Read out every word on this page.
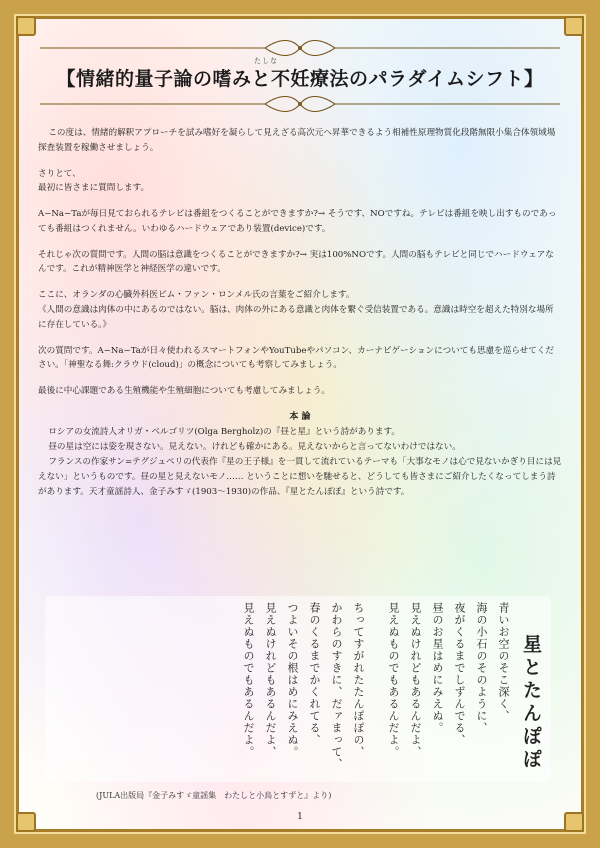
たしな
【情緒的量子論の嗜みと不妊療法のパラダイムシフト】

この度は、情緒的解釈アプローチを試み嗜好を凝らして見えざる高次元へ昇華できるよう相補性原理物質化段階無限小集合体領域場探査装置を稼働させましょう。

さりとて、

最初に皆さまに質問します。

A−Na−Taが毎日見ておられるテレビは番組をつくることができますか?→ そうです、NOですね。テレビは番組を映し出すものであっても番組はつくれません。いわゆるハードウェアであり装置(device)です。

それじゃ次の質問です。人間の脳は意識をつくることができますか?→ 実は100%NOです。人間の脳もテレビと同じでハードウェアなんです。これが精神医学と神経医学の違いです。

ここに、オランダの心臓外科医ピム・ファン・ロンメル氏の言葉をご紹介します。

《人間の意識は肉体の中にあるのではない。脳は、肉体の外にある意識と肉体を繋ぐ受信装置である。意識は時空を超えた特別な場所に存在している。》

次の質問です。A−Na−Taが日々使われるスマートフォンやYouTubeやパソコン、カーナビゲーションについても思慮を巡らせてください。「神聖なる舞:クラウド(cloud)」の概念についても考察してみましょう。

最後に中心課題である生殖機能や生殖細胞についても考慮してみましょう。

本 論

ロシアの女流詩人オリガ・ベルゴリツ(Olga Bergholz)の『昼と星』という詩があります。

昼の星は空には姿を現さない。見えない。けれども確かにある。見えないからと言ってないわけではない。

フランスの作家サン=テグジュペリの代表作『星の王子様』を一貫して流れているテーマも「大事なモノは心で見ないかぎり目には見えない」というものです。昼の星と見えないモノ…… ということに想いを馳せると、どうしても皆さまにご紹介したくなってしまう詩があります。天才童謡詩人、金子みすゞ(1903〜1930)の作品、『星とたんぽぽ』という詩です。

星とたんぽぽ
青いお空のそこ深く、
海の小石のそのように、
夜がくるまでしずんでる、
昼のお星はめにみえぬ。
見えぬけれどもあるんだよ、
見えぬものでもあるんだよ。
ちってすがれたたんぽぽの、
かわらのすきに、だァまって、
春のくるまでかくれてる、
つよいその根はめにみえぬ。
見えぬけれどもあるんだよ、
見えぬものでもあるんだよ。
(JULA出版局『金子みすゞ童謡集　わたしと小鳥とすずと』より)
1
